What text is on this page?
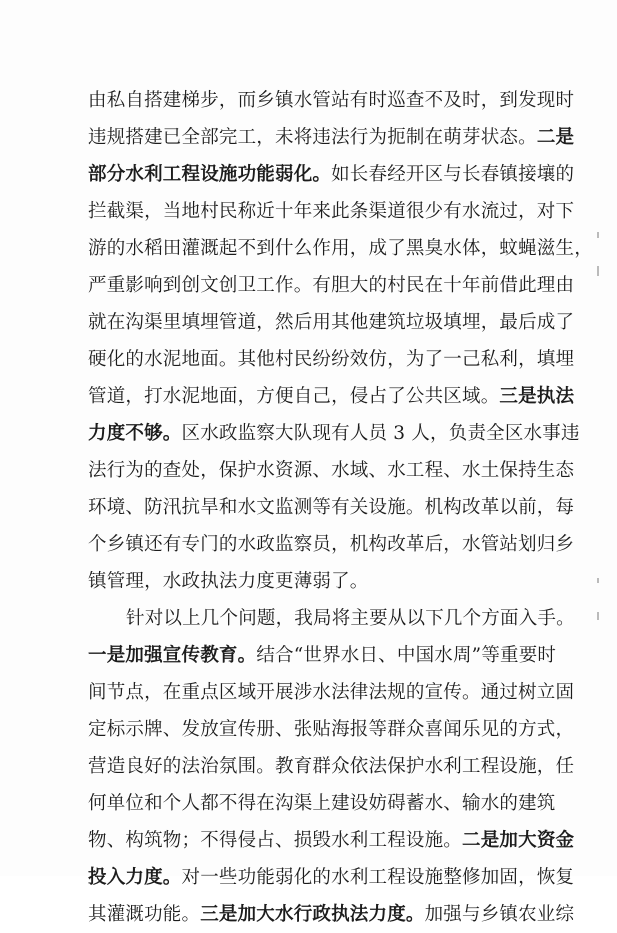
由私自搭建梯步，而乡镇水管站有时巡查不及时，到发现时
违规搭建已全部完工，未将违法行为扼制在萌芽状态。二是
部分水利工程设施功能弱化。如长春经开区与长春镇接壤的
拦截渠，当地村民称近十年来此条渠道很少有水流过，对下
游的水稻田灌溉起不到什么作用，成了黑臭水体，蚊蝇滋生，
严重影响到创文创卫工作。有胆大的村民在十年前借此理由
就在沟渠里填埋管道，然后用其他建筑垃圾填埋，最后成了
硬化的水泥地面。其他村民纷纷效仿，为了一己私利，填埋
管道，打水泥地面，方便自己，侵占了公共区域。三是执法
力度不够。区水政监察大队现有人员 3 人，负责全区水事违
法行为的查处，保护水资源、水域、水工程、水土保持生态
环境、防汛抗旱和水文监测等有关设施。机构改革以前，每
个乡镇还有专门的水政监察员，机构改革后，水管站划归乡
镇管理，水政执法力度更薄弱了。
针对以上几个问题，我局将主要从以下几个方面入手。
一是加强宣传教育。结合“世界水日、中国水周”等重要时
间节点，在重点区域开展涉水法律法规的宣传。通过树立固
定标示牌、发放宣传册、张贴海报等群众喜闻乐见的方式，
营造良好的法治氛围。教育群众依法保护水利工程设施，任
何单位和个人都不得在沟渠上建设妨碍蓄水、输水的建筑
物、构筑物；不得侵占、损毁水利工程设施。二是加大资金
投入力度。对一些功能弱化的水利工程设施整修加固，恢复
其灌溉功能。三是加大水行政执法力度。加强与乡镇农业综
